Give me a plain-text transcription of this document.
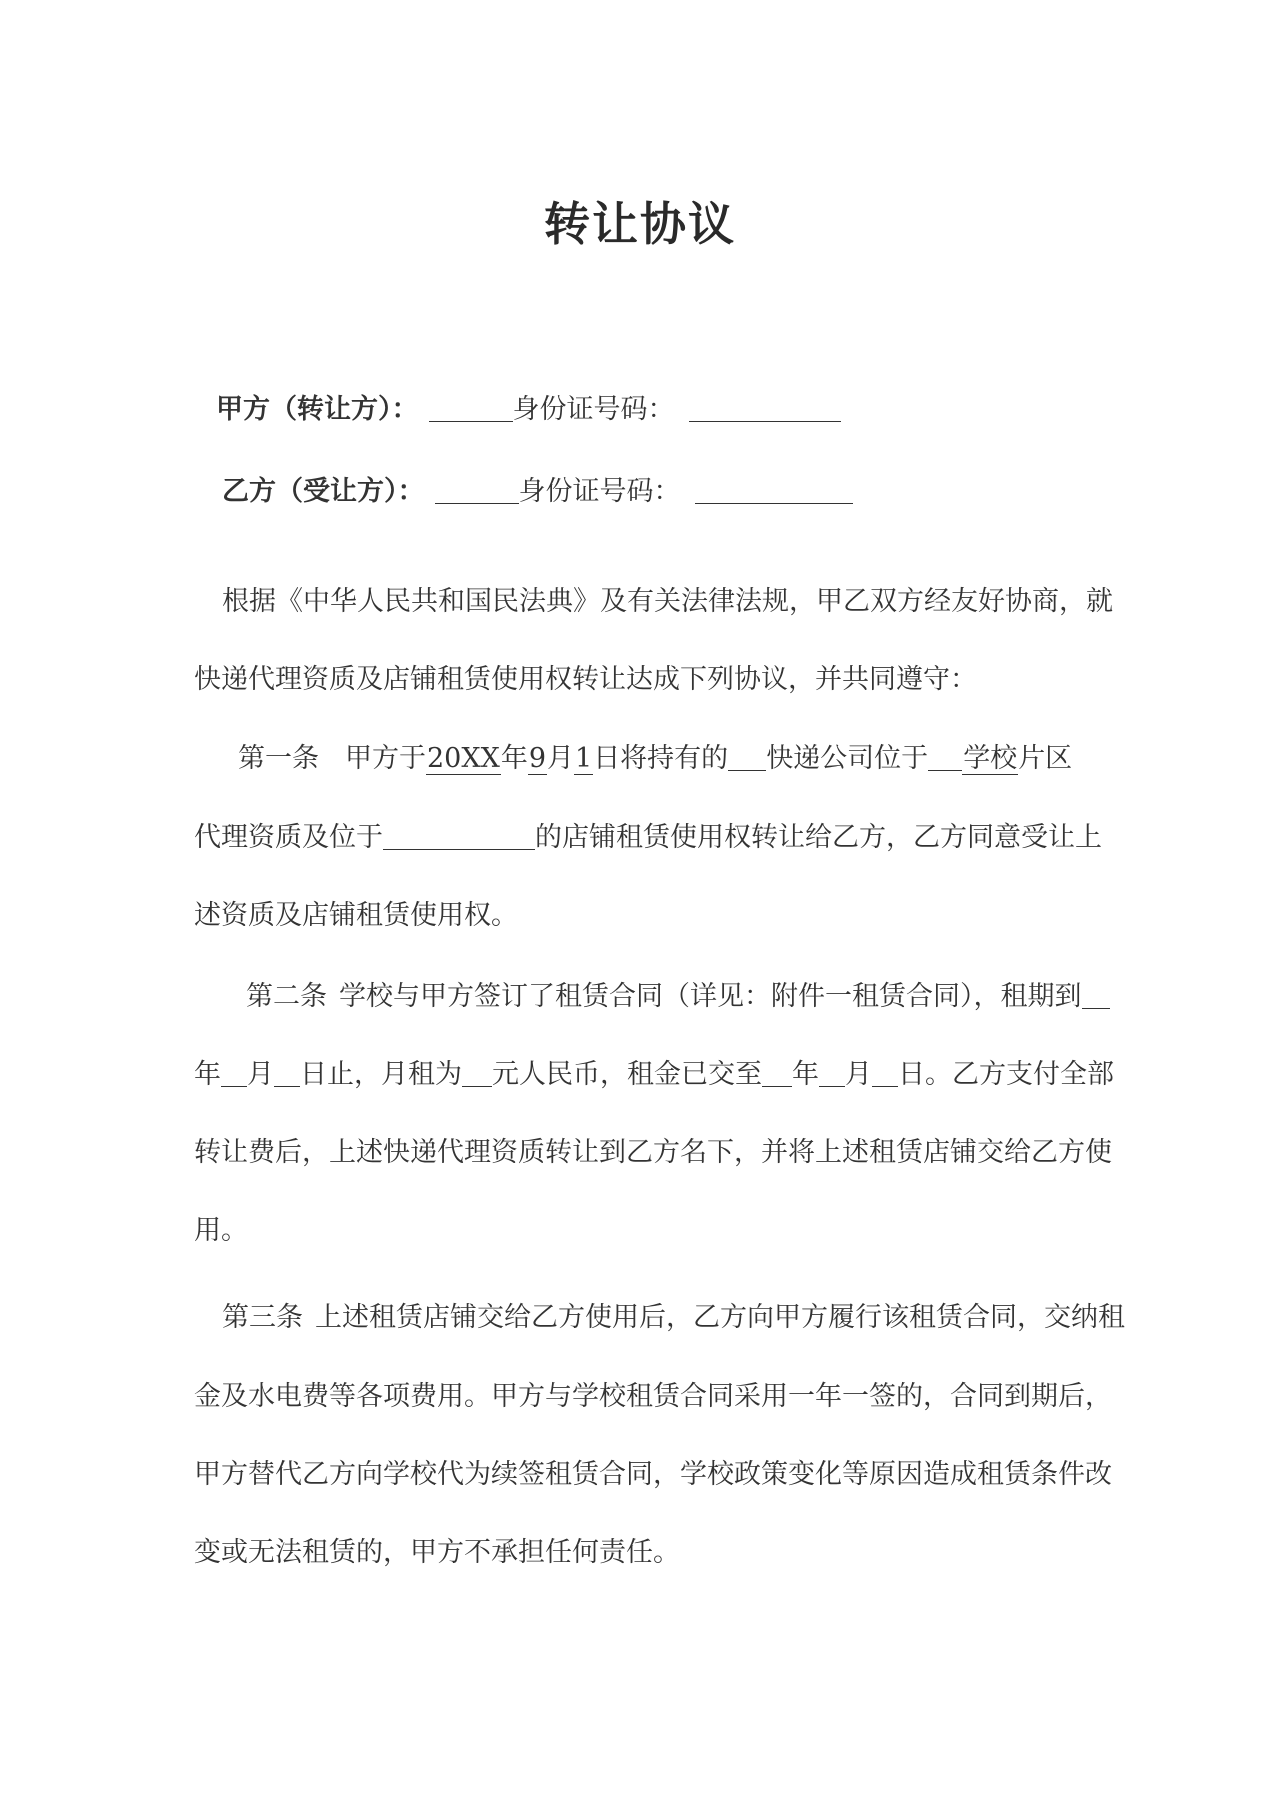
转让协议

甲方（转让方）：	身份证号码：

乙方（受让方）：	身份证号码：

根据《中华人民共和国民法典》及有关法律法规，甲乙双方经友好协商，就

快递代理资质及店铺租赁使用权转让达成下列协议，并共同遵守：

第一条 甲方于20XX年9月1日将持有的 快递公司位于 学校片区

代理资质及位于	的店铺租赁使用权转让给乙方，乙方同意受让上

述资质及店铺租赁使用权。

第二条 学校与甲方签订了租赁合同（详见：附件一租赁合同），租期到

年 月 日止，月租为 元人民币，租金已交至 年 月 日。乙方支付全部

转让费后，上述快递代理资质转让到乙方名下，并将上述租赁店铺交给乙方使

用。

第三条 上述租赁店铺交给乙方使用后，乙方向甲方履行该租赁合同，交纳租

金及水电费等各项费用。甲方与学校租赁合同采用一年一签的，合同到期后，

甲方替代乙方向学校代为续签租赁合同，学校政策变化等原因造成租赁条件改

变或无法租赁的，甲方不承担任何责任。
